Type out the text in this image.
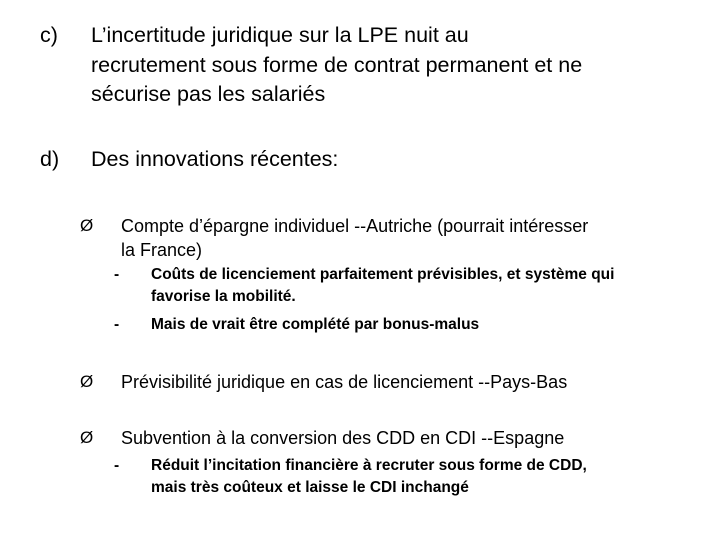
c) L’incertitude juridique sur la LPE nuit au
recrutement sous forme de contrat permanent et ne
sécurise pas les salariés
d) Des innovations récentes:
Ø Compte d’épargne individuel --Autriche (pourrait intéresser
la France)
- Coûts de licenciement parfaitement prévisibles, et système qui
favorise la mobilité.
- Mais de vrait être complété par bonus-malus
Ø Prévisibilité juridique en cas de licenciement --Pays-Bas
Ø Subvention à la conversion des CDD en CDI --Espagne
- Réduit l’incitation financière à recruter sous forme de CDD,
mais très coûteux et laisse le CDI inchangé
